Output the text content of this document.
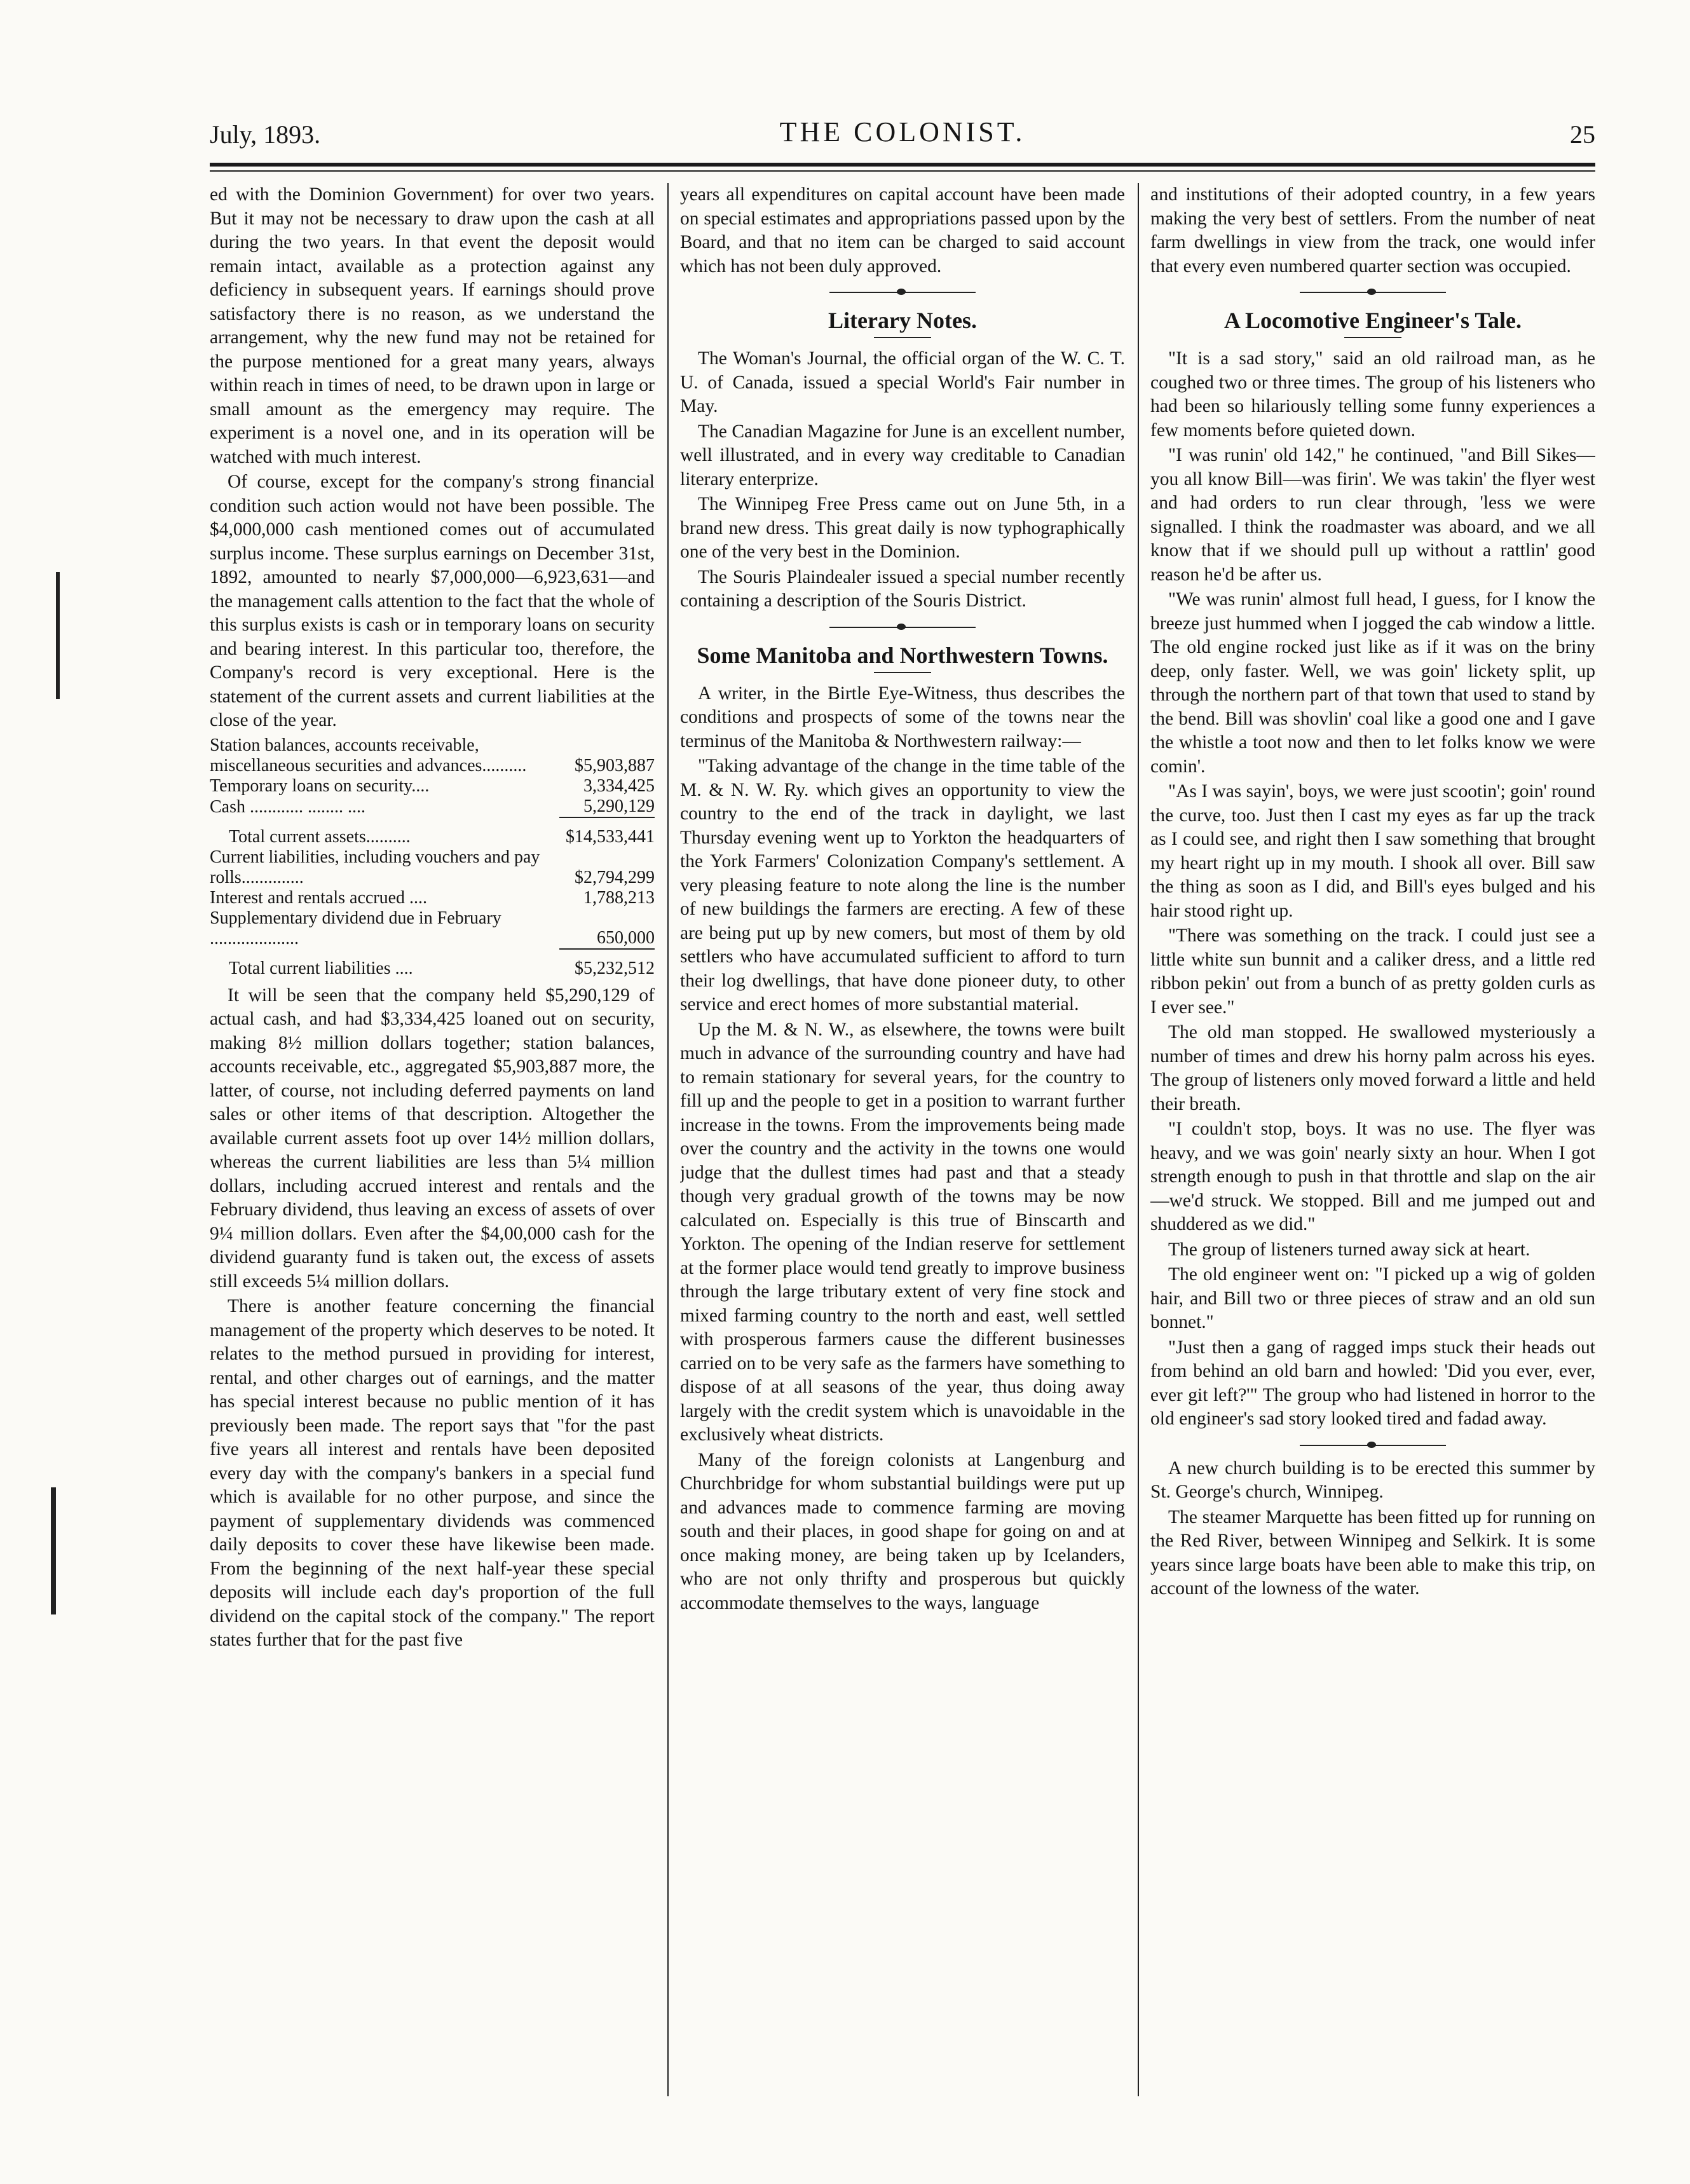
July, 1893.	THE COLONIST.	25

ed with the Dominion Government) for over two years. But it may not be necessary to draw upon the cash at all during the two years. In that event the deposit would remain intact, available as a protection against any deficiency in subsequent years. If earnings should prove satisfactory there is no reason, as we understand the arrangement, why the new fund may not be retained for the purpose mentioned for a great many years, always within reach in times of need, to be drawn upon in large or small amount as the emergency may require. The experiment is a novel one, and in its operation will be watched with much interest.

Of course, except for the company's strong financial condition such action would not have been possible. The $4,000,000 cash mentioned comes out of accumulated surplus income. These surplus earnings on December 31st, 1892, amounted to nearly $7,000,000—6,923,631—and the management calls attention to the fact that the whole of this surplus exists is cash or in temporary loans on security and bearing interest. In this particular too, therefore, the Company's record is very exceptional. Here is the statement of the current assets and current liabilities at the close of the year.

Station balances, accounts receivable, miscellaneous securities and advances..........	$5,903,887
Temporary loans on security....	3,334,425
Cash ............ ........ ....	5,290,129
Total current assets..........	$14,533,441
Current liabilities, including vouchers and pay rolls..............	$2,794,299
Interest and rentals accrued ....	1,788,213
Supplementary dividend due in February ....................	650,000
Total current liabilities ....	$5,232,512

It will be seen that the company held $5,290,129 of actual cash, and had $3,334,425 loaned out on security, making 8½ million dollars together; station balances, accounts receivable, etc., aggregated $5,903,887 more, the latter, of course, not including deferred payments on land sales or other items of that description. Altogether the available current assets foot up over 14½ million dollars, whereas the current liabilities are less than 5¼ million dollars, including accrued interest and rentals and the February dividend, thus leaving an excess of assets of over 9¼ million dollars. Even after the $4,00,000 cash for the dividend guaranty fund is taken out, the excess of assets still exceeds 5¼ million dollars.

There is another feature concerning the financial management of the property which deserves to be noted. It relates to the method pursued in providing for interest, rental, and other charges out of earnings, and the matter has special interest because no public mention of it has previously been made. The report says that "for the past five years all interest and rentals have been deposited every day with the company's bankers in a special fund which is available for no other purpose, and since the payment of supplementary dividends was commenced daily deposits to cover these have likewise been made. From the beginning of the next half-year these special deposits will include each day's proportion of the full dividend on the capital stock of the company." The report states further that for the past five

years all expenditures on capital account have been made on special estimates and appropriations passed upon by the Board, and that no item can be charged to said account which has not been duly approved.

Literary Notes.

The Woman's Journal, the official organ of the W. C. T. U. of Canada, issued a special World's Fair number in May.

The Canadian Magazine for June is an excellent number, well illustrated, and in every way creditable to Canadian literary enterprize.

The Winnipeg Free Press came out on June 5th, in a brand new dress. This great daily is now typhographically one of the very best in the Dominion.

The Souris Plaindealer issued a special number recently containing a description of the Souris District.

Some Manitoba and Northwestern Towns.

A writer, in the Birtle Eye-Witness, thus describes the conditions and prospects of some of the towns near the terminus of the Manitoba & Northwestern railway:—

"Taking advantage of the change in the time table of the M. & N. W. Ry. which gives an opportunity to view the country to the end of the track in daylight, we last Thursday evening went up to Yorkton the headquarters of the York Farmers' Colonization Company's settlement. A very pleasing feature to note along the line is the number of new buildings the farmers are erecting. A few of these are being put up by new comers, but most of them by old settlers who have accumulated sufficient to afford to turn their log dwellings, that have done pioneer duty, to other service and erect homes of more substantial material.

Up the M. & N. W., as elsewhere, the towns were built much in advance of the surrounding country and have had to remain stationary for several years, for the country to fill up and the people to get in a position to warrant further increase in the towns. From the improvements being made over the country and the activity in the towns one would judge that the dullest times had past and that a steady though very gradual growth of the towns may be now calculated on. Especially is this true of Binscarth and Yorkton. The opening of the Indian reserve for settlement at the former place would tend greatly to improve business through the large tributary extent of very fine stock and mixed farming country to the north and east, well settled with prosperous farmers cause the different businesses carried on to be very safe as the farmers have something to dispose of at all seasons of the year, thus doing away largely with the credit system which is unavoidable in the exclusively wheat districts.

Many of the foreign colonists at Langenburg and Churchbridge for whom substantial buildings were put up and advances made to commence farming are moving south and their places, in good shape for going on and at once making money, are being taken up by Icelanders, who are not only thrifty and prosperous but quickly accommodate themselves to the ways, language

and institutions of their adopted country, in a few years making the very best of settlers. From the number of neat farm dwellings in view from the track, one would infer that every even numbered quarter section was occupied.

A Locomotive Engineer's Tale.

"It is a sad story," said an old railroad man, as he coughed two or three times. The group of his listeners who had been so hilariously telling some funny experiences a few moments before quieted down.

"I was runin' old 142," he continued, "and Bill Sikes—you all know Bill—was firin'. We was takin' the flyer west and had orders to run clear through, 'less we were signalled. I think the roadmaster was aboard, and we all know that if we should pull up without a rattlin' good reason he'd be after us.

"We was runin' almost full head, I guess, for I know the breeze just hummed when I jogged the cab window a little. The old engine rocked just like as if it was on the briny deep, only faster. Well, we was goin' lickety split, up through the northern part of that town that used to stand by the bend. Bill was shovlin' coal like a good one and I gave the whistle a toot now and then to let folks know we were comin'.

"As I was sayin', boys, we were just scootin'; goin' round the curve, too. Just then I cast my eyes as far up the track as I could see, and right then I saw something that brought my heart right up in my mouth. I shook all over. Bill saw the thing as soon as I did, and Bill's eyes bulged and his hair stood right up.

"There was something on the track. I could just see a little white sun bunnit and a caliker dress, and a little red ribbon pekin' out from a bunch of as pretty golden curls as I ever see."

The old man stopped. He swallowed mysteriously a number of times and drew his horny palm across his eyes. The group of listeners only moved forward a little and held their breath.

"I couldn't stop, boys. It was no use. The flyer was heavy, and we was goin' nearly sixty an hour. When I got strength enough to push in that throttle and slap on the air—we'd struck. We stopped. Bill and me jumped out and shuddered as we did."

The group of listeners turned away sick at heart.

The old engineer went on: "I picked up a wig of golden hair, and Bill two or three pieces of straw and an old sun bonnet."

"Just then a gang of ragged imps stuck their heads out from behind an old barn and howled: 'Did you ever, ever, ever git left?'" The group who had listened in horror to the old engineer's sad story looked tired and fadad away.

A new church building is to be erected this summer by St. George's church, Winnipeg.

The steamer Marquette has been fitted up for running on the Red River, between Winnipeg and Selkirk. It is some years since large boats have been able to make this trip, on account of the lowness of the water.
